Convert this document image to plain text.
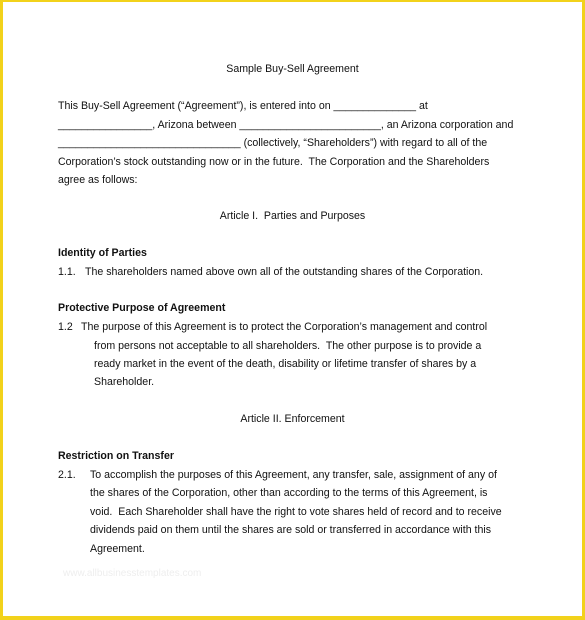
Sample Buy-Sell Agreement
This Buy-Sell Agreement (“Agreement”), is entered into on ______________ at
________________, Arizona between ________________________, an Arizona corporation and
_______________________________ (collectively, “Shareholders”) with regard to all of the
Corporation’s stock outstanding now or in the future.  The Corporation and the Shareholders
agree as follows:
Article I.  Parties and Purposes
Identity of Parties
1.1. The shareholders named above own all of the outstanding shares of the Corporation.
Protective Purpose of Agreement
1.2 The purpose of this Agreement is to protect the Corporation’s management and control
from persons not acceptable to all shareholders.  The other purpose is to provide a
ready market in the event of the death, disability or lifetime transfer of shares by a
Shareholder.
Article II. Enforcement
Restriction on Transfer
2.1. To accomplish the purposes of this Agreement, any transfer, sale, assignment of any of
the shares of the Corporation, other than according to the terms of this Agreement, is
void.  Each Shareholder shall have the right to vote shares held of record and to receive
dividends paid on them until the shares are sold or transferred in accordance with this
Agreement.
www.allbusinesstemplates.com
